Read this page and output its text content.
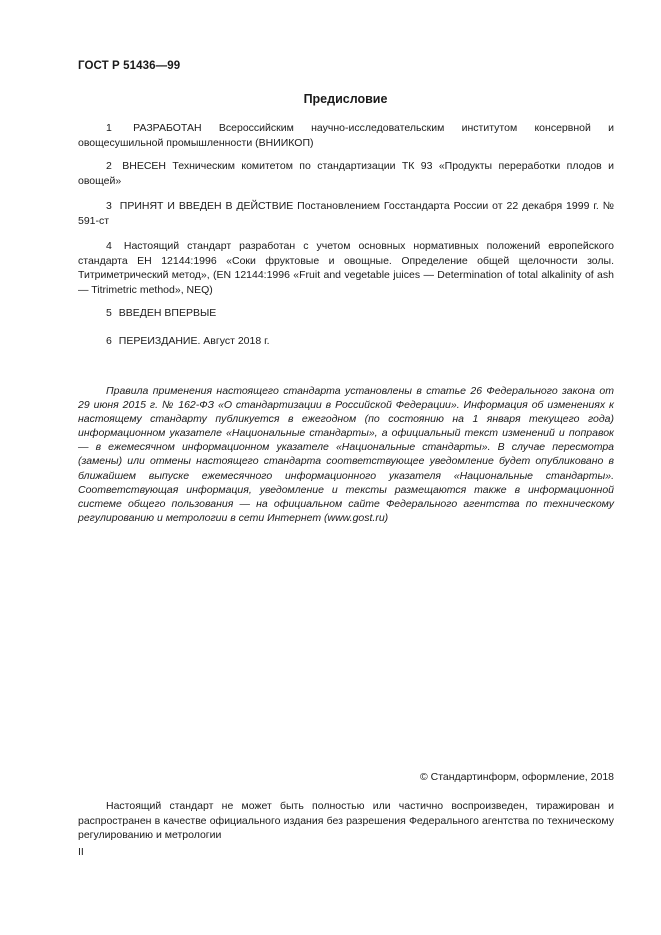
ГОСТ Р 51436—99
Предисловие
1 РАЗРАБОТАН Всероссийским научно-исследовательским институтом консервной и овощесушильной промышленности (ВНИИКОП)
2 ВНЕСЕН Техническим комитетом по стандартизации ТК 93 «Продукты переработки плодов и овощей»
3 ПРИНЯТ И ВВЕДЕН В ДЕЙСТВИЕ Постановлением Госстандарта России от 22 декабря 1999 г. № 591-ст
4 Настоящий стандарт разработан с учетом основных нормативных положений европейского стандарта ЕН 12144:1996 «Соки фруктовые и овощные. Определение общей щелочности золы. Титриметрический метод», (EN 12144:1996 «Fruit and vegetable juices — Determination of total alkalinity of ash — Titrimetric method», NEQ)
5 ВВЕДЕН ВПЕРВЫЕ
6 ПЕРЕИЗДАНИЕ. Август 2018 г.
Правила применения настоящего стандарта установлены в статье 26 Федерального закона от 29 июня 2015 г. № 162-ФЗ «О стандартизации в Российской Федерации». Информация об изменениях к настоящему стандарту публикуется в ежегодном (по состоянию на 1 января текущего года) информационном указателе «Национальные стандарты», а официальный текст изменений и поправок — в ежемесячном информационном указателе «Национальные стандарты». В случае пересмотра (замены) или отмены настоящего стандарта соответствующее уведомление будет опубликовано в ближайшем выпуске ежемесячного информационного указателя «Национальные стандарты». Соответствующая информация, уведомление и тексты размещаются также в информационной системе общего пользования — на официальном сайте Федерального агентства по техническому регулированию и метрологии в сети Интернет (www.gost.ru)
© Стандартинформ, оформление, 2018
Настоящий стандарт не может быть полностью или частично воспроизведен, тиражирован и распространен в качестве официального издания без разрешения Федерального агентства по техническому регулированию и метрологии
II
